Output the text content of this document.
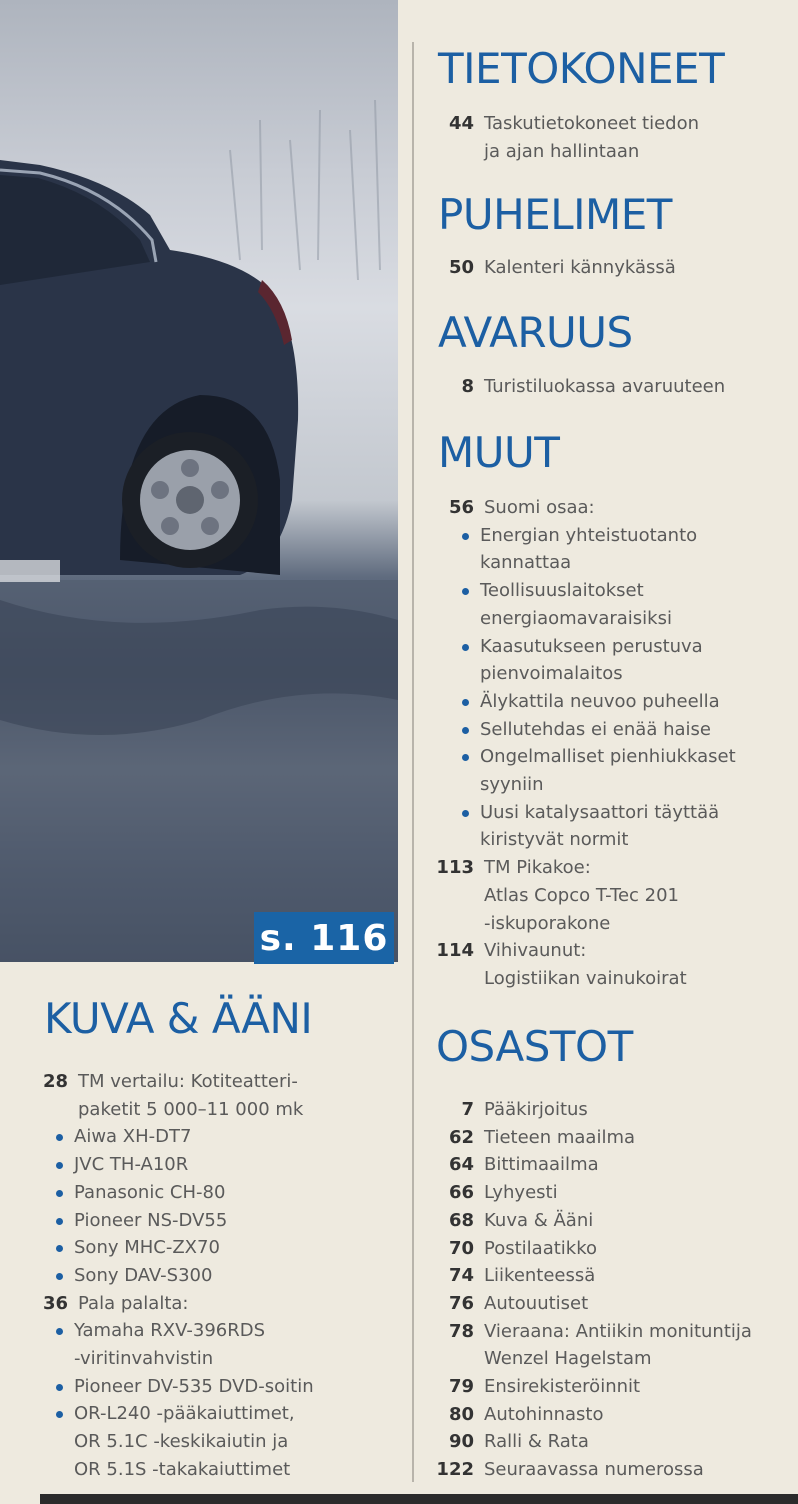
s. 116
TIETOKONEET
44 Taskutietokoneet tiedon
ja ajan hallintaan
PUHELIMET
50 Kalenteri kännykässä
AVARUUS
8 Turistiluokassa avaruuteen
MUUT
56 Suomi osaa:
Energian yhteistuotanto
kannattaa
Teollisuuslaitokset
energiaomavaraisiksi
Kaasutukseen perustuva
pienvoimalaitos
Älykattila neuvoo puheella
Sellutehdas ei enää haise
Ongelmalliset pienhiukkaset
syyniin
Uusi katalysaattori täyttää
kiristyvät normit
113 TM Pikakoe:
Atlas Copco T-Tec 201
-iskuporakone
114 Vihivaunut:
Logistiikan vainukoirat
KUVA & ÄÄNI
28 TM vertailu: Kotiteatteri-
paketit 5 000–11 000 mk
Aiwa XH-DT7
JVC TH-A10R
Panasonic CH-80
Pioneer NS-DV55
Sony MHC-ZX70
Sony DAV-S300
36 Pala palalta:
Yamaha RXV-396RDS
-viritinvahvistin
Pioneer DV-535 DVD-soitin
OR-L240 -pääkaiuttimet,
OR 5.1C -keskikaiutin ja
OR 5.1S -takakaiuttimet
OSASTOT
7 Pääkirjoitus
62 Tieteen maailma
64 Bittimaailma
66 Lyhyesti
68 Kuva & Ääni
70 Postilaatikko
74 Liikenteessä
76 Autouutiset
78 Vieraana: Antiikin monituntija
Wenzel Hagelstam
79 Ensirekisteröinnit
80 Autohinnasto
90 Ralli & Rata
122 Seuraavassa numerossa
